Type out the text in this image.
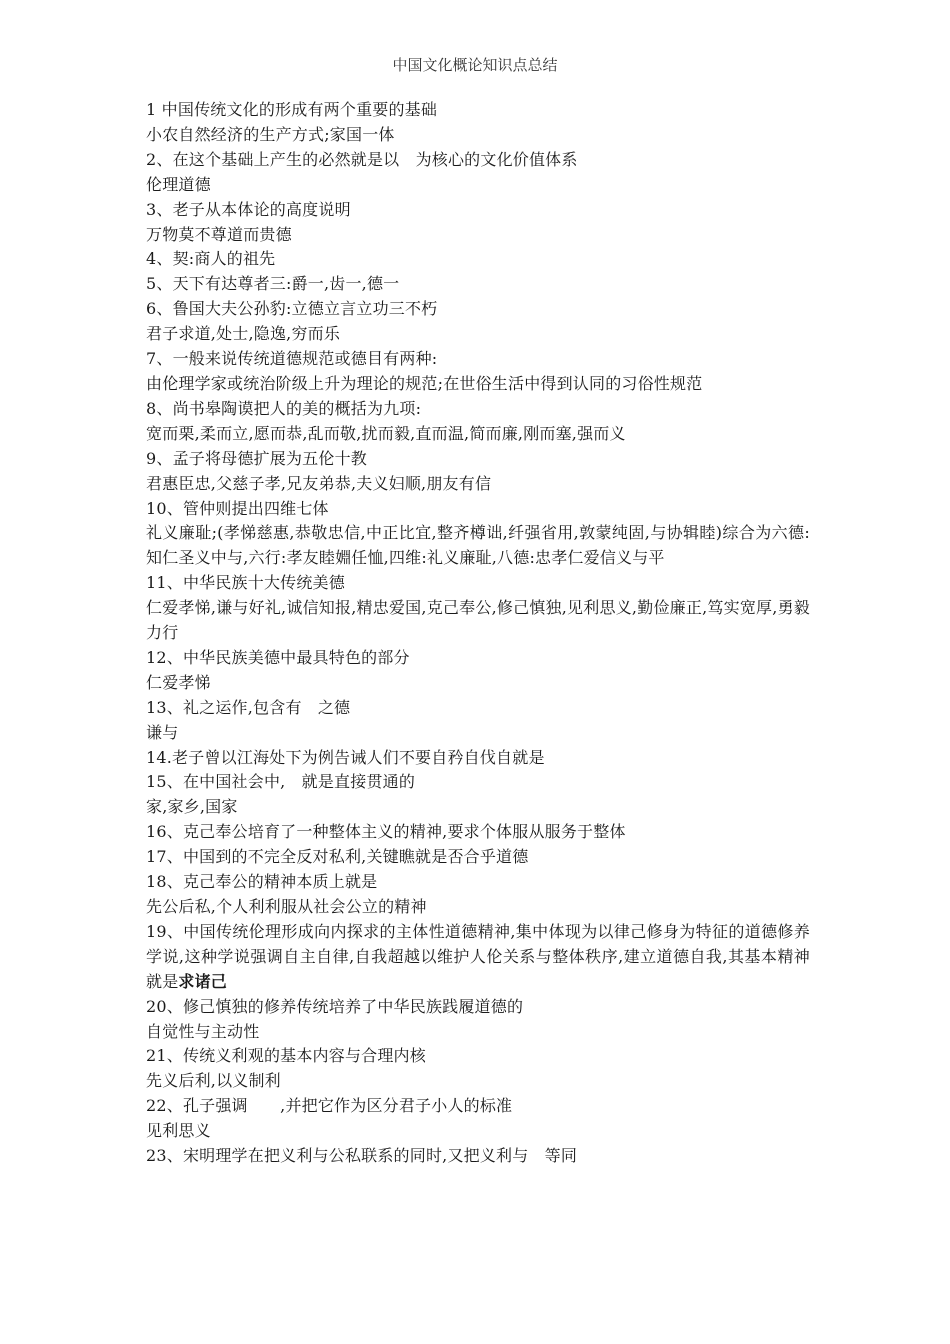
中国文化概论知识点总结
1 中国传统文化的形成有两个重要的基础
小农自然经济的生产方式;家国一体
2、在这个基础上产生的必然就是以　为核心的文化价值体系
伦理道德
3、老子从本体论的高度说明
万物莫不尊道而贵德
4、契:商人的祖先
5、天下有达尊者三:爵一,齿一,德一
6、鲁国大夫公孙豹:立德立言立功三不朽
君子求道,处士,隐逸,穷而乐
7、一般来说传统道德规范或德目有两种:
由伦理学家或统治阶级上升为理论的规范;在世俗生活中得到认同的习俗性规范
8、尚书皋陶谟把人的美的概括为九项:
宽而栗,柔而立,愿而恭,乱而敬,扰而毅,直而温,简而廉,刚而塞,强而义
9、孟子将母德扩展为五伦十教
君惠臣忠,父慈子孝,兄友弟恭,夫义妇顺,朋友有信
10、管仲则提出四维七体
礼义廉耻;(孝悌慈惠,恭敬忠信,中正比宜,整齐樽诎,纤强省用,敦蒙纯固,与协辑睦)综合为六德:知仁圣义中与,六行:孝友睦婣任恤,四维:礼义廉耻,八德:忠孝仁爱信义与平
11、中华民族十大传统美德
仁爱孝悌,谦与好礼,诚信知报,精忠爱国,克己奉公,修己慎独,见利思义,勤俭廉正,笃实宽厚,勇毅力行
12、中华民族美德中最具特色的部分
仁爱孝悌
13、礼之运作,包含有　之德
谦与
14.老子曾以江海处下为例告诫人们不要自矜自伐自就是
15、在中国社会中,　就是直接贯通的
家,家乡,国家
16、克己奉公培育了一种整体主义的精神,要求个体服从服务于整体
17、中国到的不完全反对私利,关键瞧就是否合乎道德
18、克己奉公的精神本质上就是
先公后私,个人利利服从社会公立的精神
19、中国传统伦理形成向内探求的主体性道德精神,集中体现为以律己修身为特征的道德修养学说,这种学说强调自主自律,自我超越以维护人伦关系与整体秩序,建立道德自我,其基本精神就是求诸己
20、修己慎独的修养传统培养了中华民族践履道德的
自觉性与主动性
21、传统义利观的基本内容与合理内核
先义后利,以义制利
22、孔子强调　　,并把它作为区分君子小人的标准
见利思义
23、宋明理学在把义利与公私联系的同时,又把义利与　等同
